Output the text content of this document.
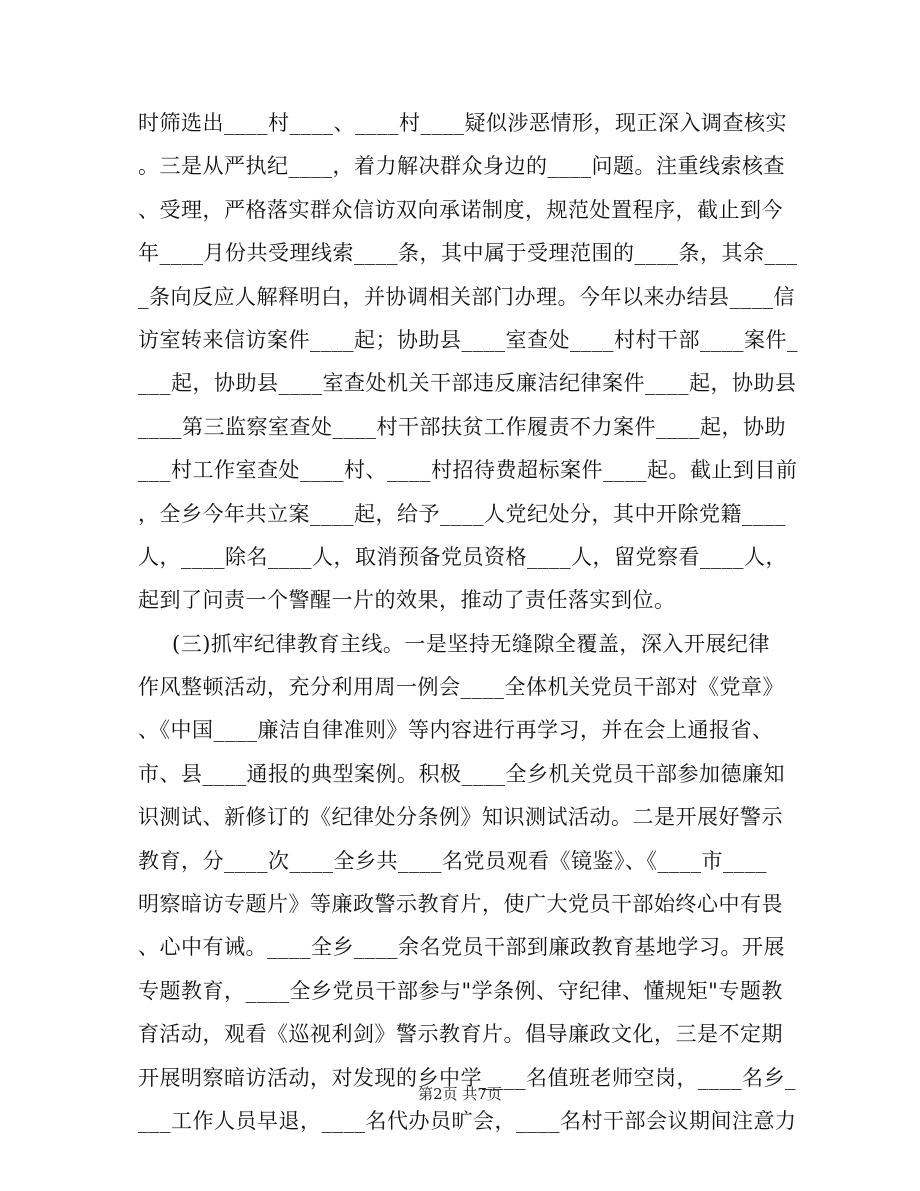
时筛选出____村____、____村____疑似涉恶情形，现正深入调查核实
。三是从严执纪____，着力解决群众身边的____问题。注重线索核查
、受理，严格落实群众信访双向承诺制度，规范处置程序，截止到今
年____月份共受理线索____条，其中属于受理范围的____条，其余___
_条向反应人解释明白，并协调相关部门办理。今年以来办结县____信
访室转来信访案件____起；协助县____室查处____村村干部____案件_
___起，协助县____室查处机关干部违反廉洁纪律案件____起，协助县
____第三监察室查处____村干部扶贫工作履责不力案件____起，协助
___村工作室查处____村、____村招待费超标案件____起。截止到目前
，全乡今年共立案____起，给予____人党纪处分，其中开除党籍____
人，____除名____人，取消预备党员资格____人，留党察看____人，
起到了问责一个警醒一片的效果，推动了责任落实到位。
(三)抓牢纪律教育主线。一是坚持无缝隙全覆盖，深入开展纪律
作风整顿活动，充分利用周一例会____全体机关党员干部对《党章》
、《中国____廉洁自律准则》等内容进行再学习，并在会上通报省、
市、县____通报的典型案例。积极____全乡机关党员干部参加德廉知
识测试、新修订的《纪律处分条例》知识测试活动。二是开展好警示
教育，分____次____全乡共____名党员观看《镜鉴》、《____市____
明察暗访专题片》等廉政警示教育片，使广大党员干部始终心中有畏
、心中有诫。____全乡____余名党员干部到廉政教育基地学习。开展
专题教育，____全乡党员干部参与"学条例、守纪律、懂规矩"专题教
育活动，观看《巡视利剑》警示教育片。倡导廉政文化，三是不定期
开展明察暗访活动，对发现的乡中学____名值班老师空岗，____名乡_
___工作人员早退，____名代办员旷会，____名村干部会议期间注意力
第2页 共7页
